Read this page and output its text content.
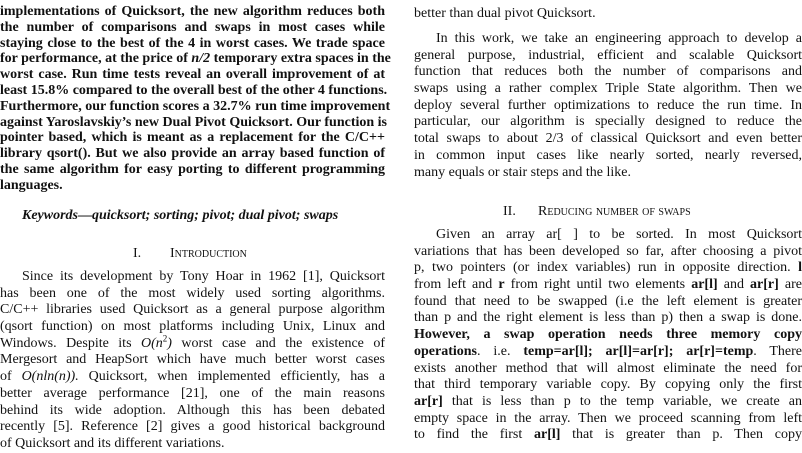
implementations of Quicksort, the new algorithm reduces both
the number of comparisons and swaps in most cases while
staying close to the best of the 4 in worst cases. We trade space
for performance, at the price of n/2 temporary extra spaces in the
worst case. Run time tests reveal an overall improvement of at
least 15.8% compared to the overall best of the other 4 functions.
Furthermore, our function scores a 32.7% run time improvement
against Yaroslavskiy’s new Dual Pivot Quicksort. Our function is
pointer based, which is meant as a replacement for the C/C++
library qsort(). But we also provide an array based function of
the same algorithm for easy porting to different programming
languages.
Keywords—quicksort; sorting; pivot; dual pivot; swaps
I. Introduction
Since its development by Tony Hoar in 1962 [1], Quicksort
has been one of the most widely used sorting algorithms.
C/C++ libraries used Quicksort as a general purpose algorithm
(qsort function) on most platforms including Unix, Linux and
Windows. Despite its $O(n^2)$ worst case and the existence of
Mergesort and HeapSort which have much better worst cases
of O(nln(n)). Quicksort, when implemented efficiently, has a
better average performance [21], one of the main reasons
behind its wide adoption. Although this has been debated
recently [5]. Reference [2] gives a good historical background
of Quicksort and its different variations.
better than dual pivot Quicksort.
In this work, we take an engineering approach to develop a
general purpose, industrial, efficient and scalable Quicksort
function that reduces both the number of comparisons and
swaps using a rather complex Triple State algorithm. Then we
deploy several further optimizations to reduce the run time. In
particular, our algorithm is specially designed to reduce the
total swaps to about 2/3 of classical Quicksort and even better
in common input cases like nearly sorted, nearly reversed,
many equals or stair steps and the like.
II. Reducing number of swaps
Given an array ar[ ] to be sorted. In most Quicksort
variations that has been developed so far, after choosing a pivot
p, two pointers (or index variables) run in opposite direction. l
from left and r from right until two elements ar[l] and ar[r] are
found that need to be swapped (i.e the left element is greater
than p and the right element is less than p) then a swap is done.
However, a swap operation needs three memory copy
operations. i.e. temp=ar[l]; ar[l]=ar[r]; ar[r]=temp. There
exists another method that will almost eliminate the need for
that third temporary variable copy. By copying only the first
ar[r] that is less than p to the temp variable, we create an
empty space in the array. Then we proceed scanning from left
to find the first ar[l] that is greater than p. Then copy
